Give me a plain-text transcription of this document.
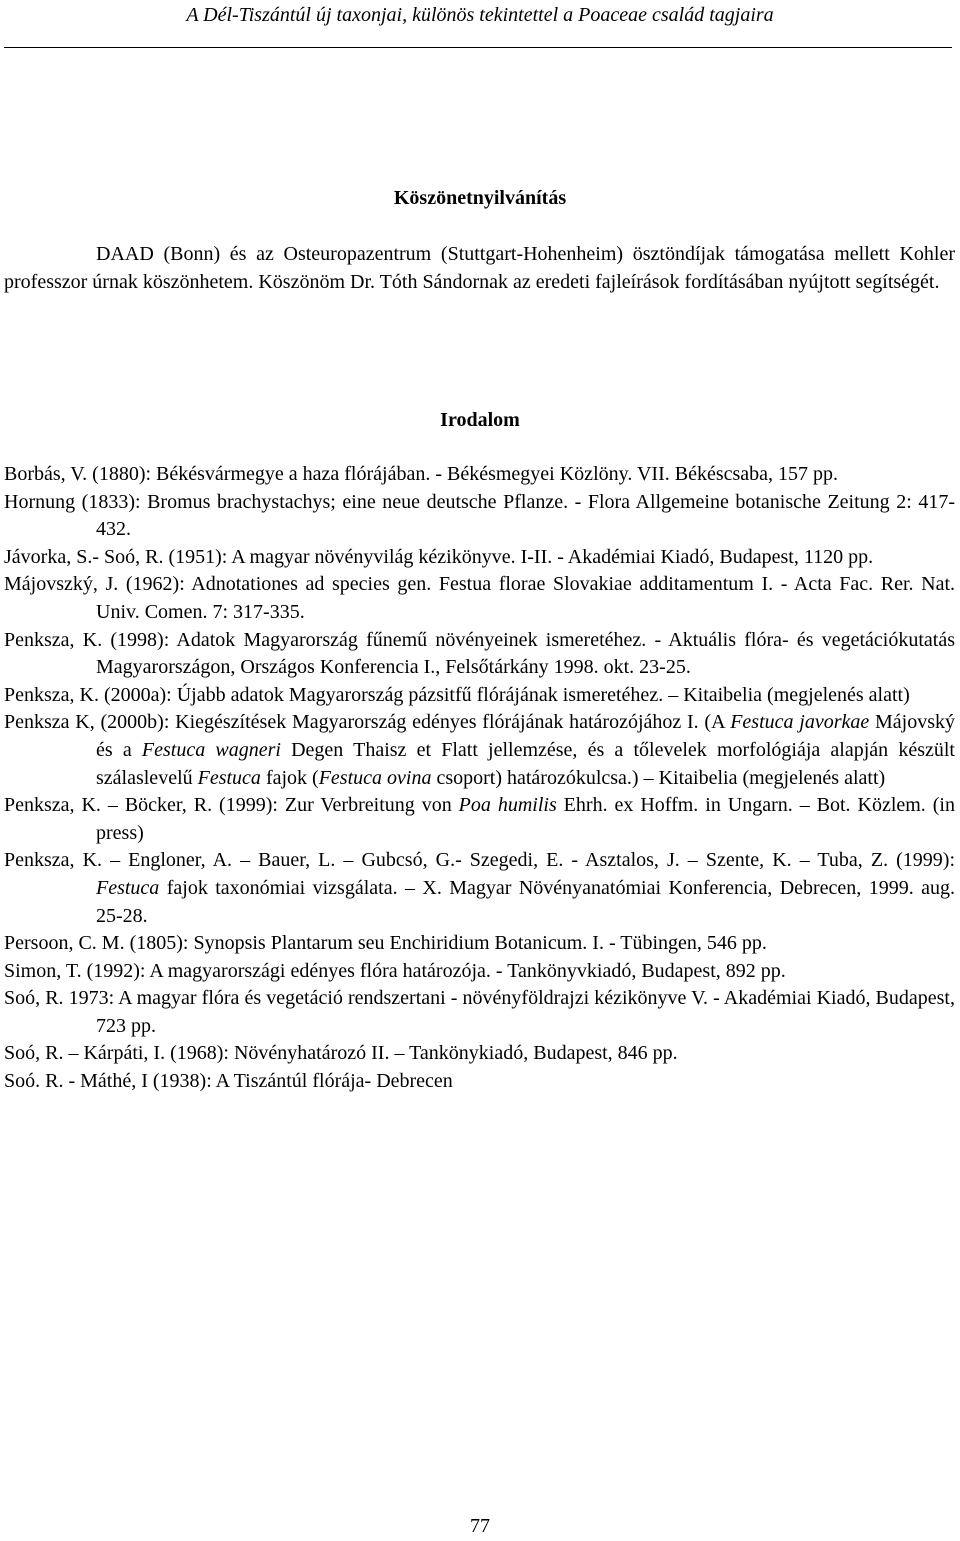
A Dél-Tiszántúl új taxonjai, különös tekintettel a Poaceae család tagjaira
Köszönetnyilvánítás

DAAD (Bonn) és az Osteuropazentrum (Stuttgart-Hohenheim) ösztöndíjak támogatása mellett Kohler professzor úrnak köszönhetem. Köszönöm Dr. Tóth Sándornak az eredeti fajleírások fordításában nyújtott segítségét.

Irodalom
Borbás, V. (1880): Békésvármegye a haza flórájában. - Békésmegyei Közlöny. VII. Békéscsaba, 157 pp.
Hornung (1833): Bromus brachystachys; eine neue deutsche Pflanze. - Flora Allgemeine botanische Zeitung 2: 417-432.
Jávorka, S.- Soó, R. (1951): A magyar növényvilág kézikönyve. I-II. - Akadémiai Kiadó, Budapest, 1120 pp.
Májovszký, J. (1962): Adnotationes ad species gen. Festua florae Slovakiae additamentum I. - Acta Fac. Rer. Nat. Univ. Comen. 7: 317-335.
Penksza, K. (1998): Adatok Magyarország fűnemű növényeinek ismeretéhez. - Aktuális flóra- és vegetációkutatás Magyarországon, Országos Konferencia I., Felsőtárkány 1998. okt. 23-25.
Penksza, K. (2000a): Újabb adatok Magyarország pázsitfű flórájának ismeretéhez. – Kitaibelia (megjelenés alatt)
Penksza K, (2000b): Kiegészítések Magyarország edényes flórájának határozójához I. (A Festuca javorkae Májovský és a Festuca wagneri Degen Thaisz et Flatt jellemzése, és a tőlevelek morfológiája alapján készült szálaslevelű Festuca fajok (Festuca ovina csoport) határozókulcsa.) – Kitaibelia (megjelenés alatt)
Penksza, K. – Böcker, R. (1999): Zur Verbreitung von Poa humilis Ehrh. ex Hoffm. in Ungarn. – Bot. Közlem. (in press)
Penksza, K. – Engloner, A. – Bauer, L. – Gubcsó, G.- Szegedi, E. - Asztalos, J. – Szente, K. – Tuba, Z. (1999): Festuca fajok taxonómiai vizsgálata. – X. Magyar Növényanatómiai Konferencia, Debrecen, 1999. aug. 25-28.
Persoon, C. M. (1805): Synopsis Plantarum seu Enchiridium Botanicum. I. - Tübingen, 546 pp.
Simon, T. (1992): A magyarországi edényes flóra határozója. - Tankönyvkiadó, Budapest, 892 pp.
Soó, R. 1973: A magyar flóra és vegetáció rendszertani - növényföldrajzi kézikönyve V. - Akadémiai Kiadó, Budapest, 723 pp.
Soó, R. – Kárpáti, I. (1968): Növényhatározó II. – Tankönykiadó, Budapest, 846 pp.
Soó. R. - Máthé, I (1938): A Tiszántúl flórája- Debrecen
77
